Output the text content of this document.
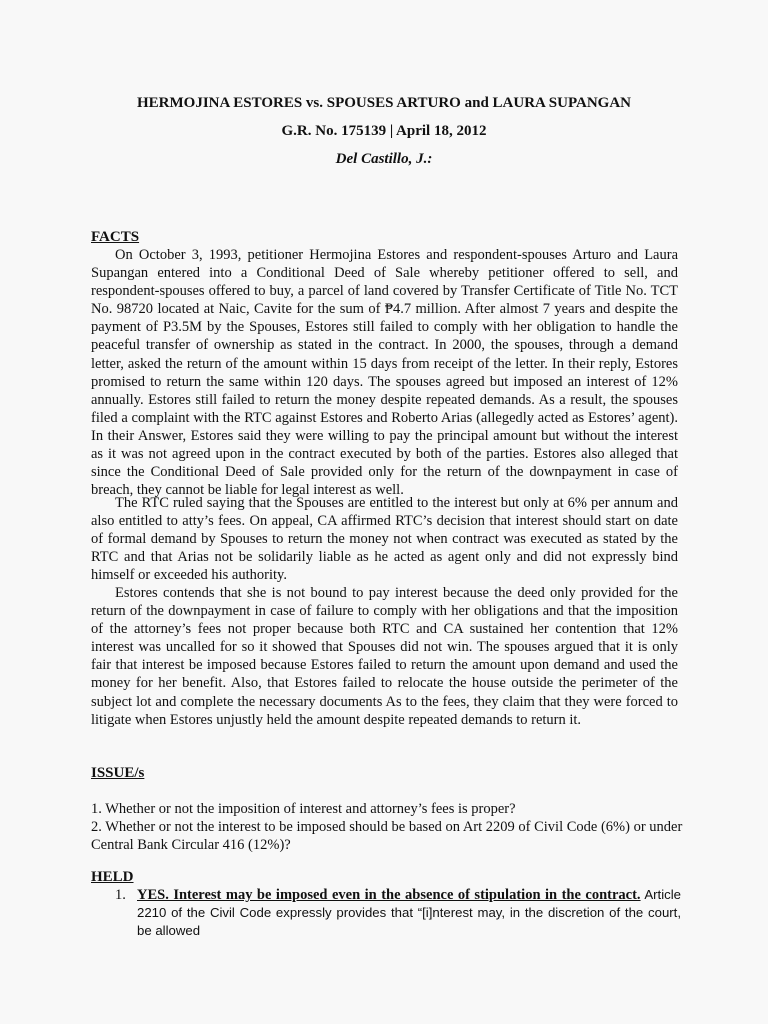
HERMOJINA ESTORES vs. SPOUSES ARTURO and LAURA SUPANGAN
G.R. No. 175139 | April 18, 2012
Del Castillo, J.:
FACTS

On October 3, 1993, petitioner Hermojina Estores and respondent-spouses Arturo and Laura Supangan entered into a Conditional Deed of Sale whereby petitioner offered to sell, and respondent-spouses offered to buy, a parcel of land covered by Transfer Certificate of Title No. TCT No. 98720 located at Naic, Cavite for the sum of ₱4.7 million. After almost 7 years and despite the payment of P3.5M by the Spouses, Estores still failed to comply with her obligation to handle the peaceful transfer of ownership as stated in the contract. In 2000, the spouses, through a demand letter, asked the return of the amount within 15 days from receipt of the letter. In their reply, Estores promised to return the same within 120 days. The spouses agreed but imposed an interest of 12% annually. Estores still failed to return the money despite repeated demands. As a result, the spouses filed a complaint with the RTC against Estores and Roberto Arias (allegedly acted as Estores’ agent). In their Answer, Estores said they were willing to pay the principal amount but without the interest as it was not agreed upon in the contract executed by both of the parties. Estores also alleged that since the Conditional Deed of Sale provided only for the return of the downpayment in case of breach, they cannot be liable for legal interest as well.

The RTC ruled saying that the Spouses are entitled to the interest but only at 6% per annum and also entitled to atty’s fees. On appeal, CA affirmed RTC’s decision that interest should start on date of formal demand by Spouses to return the money not when contract was executed as stated by the RTC and that Arias not be solidarily liable as he acted as agent only and did not expressly bind himself or exceeded his authority.

Estores contends that she is not bound to pay interest because the deed only provided for the return of the downpayment in case of failure to comply with her obligations and that the imposition of the attorney’s fees not proper because both RTC and CA sustained her contention that 12% interest was uncalled for so it showed that Spouses did not win. The spouses argued that it is only fair that interest be imposed because Estores failed to return the amount upon demand and used the money for her benefit. Also, that Estores failed to relocate the house outside the perimeter of the subject lot and complete the necessary documents As to the fees, they claim that they were forced to litigate when Estores unjustly held the amount despite repeated demands to return it.

ISSUE/s

1. Whether or not the imposition of interest and attorney’s fees is proper?

2. Whether or not the interest to be imposed should be based on Art 2209 of Civil Code (6%) or under Central Bank Circular 416 (12%)?

HELD
1. YES. Interest may be imposed even in the absence of stipulation in the contract. Article 2210 of the Civil Code expressly provides that “[i]nterest may, in the discretion of the court, be allowed
